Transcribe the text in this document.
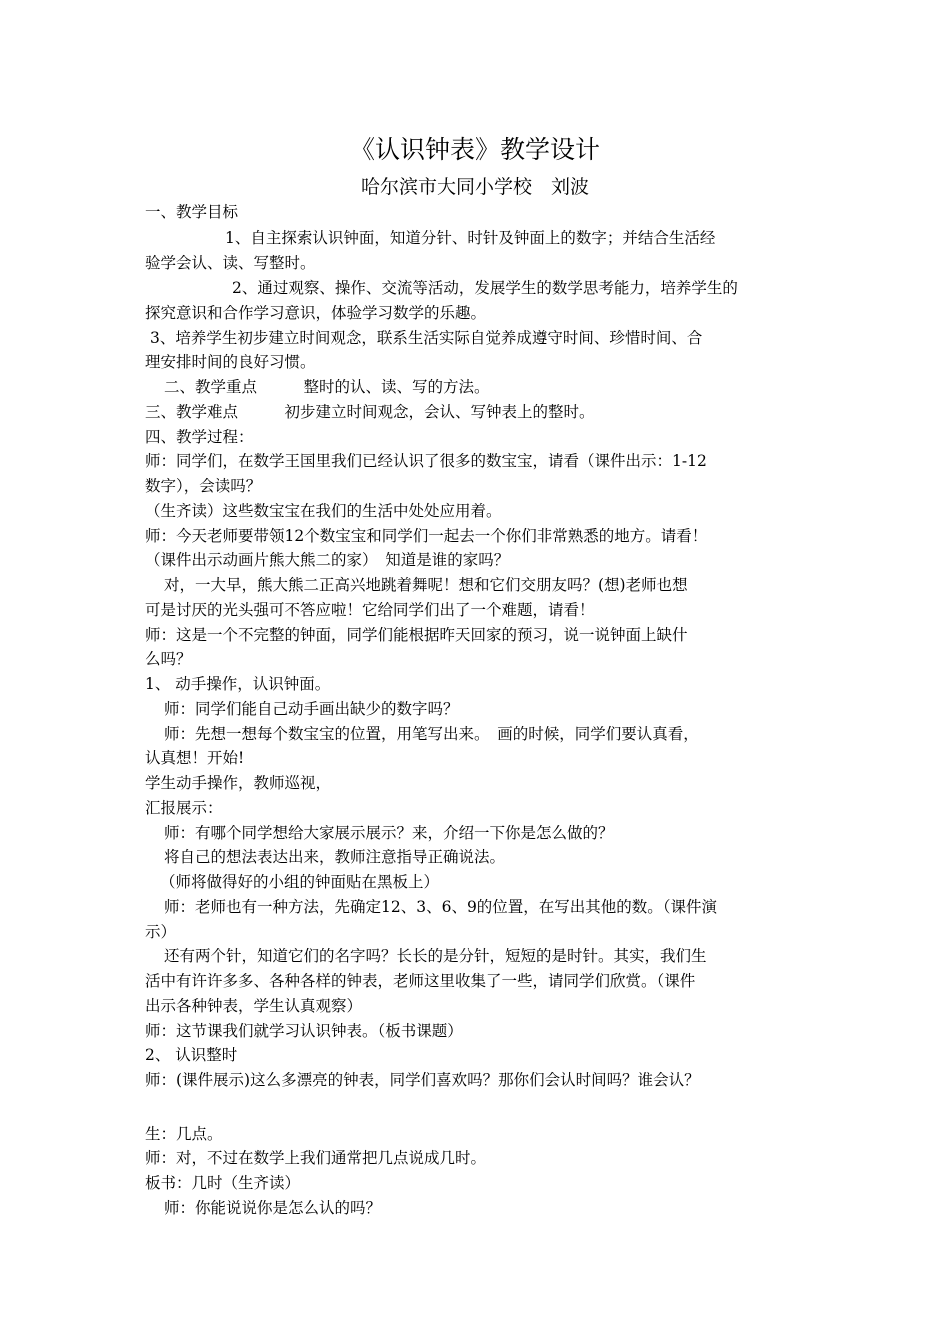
《认识钟表》教学设计
哈尔滨市大同小学校　刘波
一、教学目标
1、自主探索认识钟面，知道分针、时针及钟面上的数字；并结合生活经
验学会认、读、写整时。
2、通过观察、操作、交流等活动，发展学生的数学思考能力，培养学生的
探究意识和合作学习意识，体验学习数学的乐趣。
3、培养学生初步建立时间观念，联系生活实际自觉养成遵守时间、珍惜时间、合
理安排时间的良好习惯。
二、教学重点　　　整时的认、读、写的方法。
三、教学难点　　　初步建立时间观念，会认、写钟表上的整时。
四、教学过程：
师：同学们，在数学王国里我们已经认识了很多的数宝宝，请看（课件出示：1-12
数字），会读吗？
（生齐读）这些数宝宝在我们的生活中处处应用着。
师：今天老师要带领12个数宝宝和同学们一起去一个你们非常熟悉的地方。请看！
（课件出示动画片熊大熊二的家）　知道是谁的家吗？
对，一大早，熊大熊二正高兴地跳着舞呢！想和它们交朋友吗？(想)老师也想
可是讨厌的光头强可不答应啦！它给同学们出了一个难题，请看！
师：这是一个不完整的钟面，同学们能根据昨天回家的预习，说一说钟面上缺什
么吗？
1、 动手操作，认识钟面。
师：同学们能自己动手画出缺少的数字吗？
师：先想一想每个数宝宝的位置，用笔写出来。　画的时候，同学们要认真看，
认真想！开始!
学生动手操作，教师巡视，
汇报展示：
师：有哪个同学想给大家展示展示？来，介绍一下你是怎么做的？
将自己的想法表达出来，教师注意指导正确说法。
（师将做得好的小组的钟面贴在黑板上）
师：老师也有一种方法，先确定12、3、6、9的位置，在写出其他的数。（课件演
示）
还有两个针，知道它们的名字吗？长长的是分针，短短的是时针。其实，我们生
活中有许许多多、各种各样的钟表，老师这里收集了一些，请同学们欣赏。（课件
出示各种钟表，学生认真观察）
师：这节课我们就学习认识钟表。（板书课题）
2、 认识整时
师：(课件展示)这么多漂亮的钟表，同学们喜欢吗？那你们会认时间吗？谁会认？
生：几点。
师：对，不过在数学上我们通常把几点说成几时。
板书：几时（生齐读）
师：你能说说你是怎么认的吗？
